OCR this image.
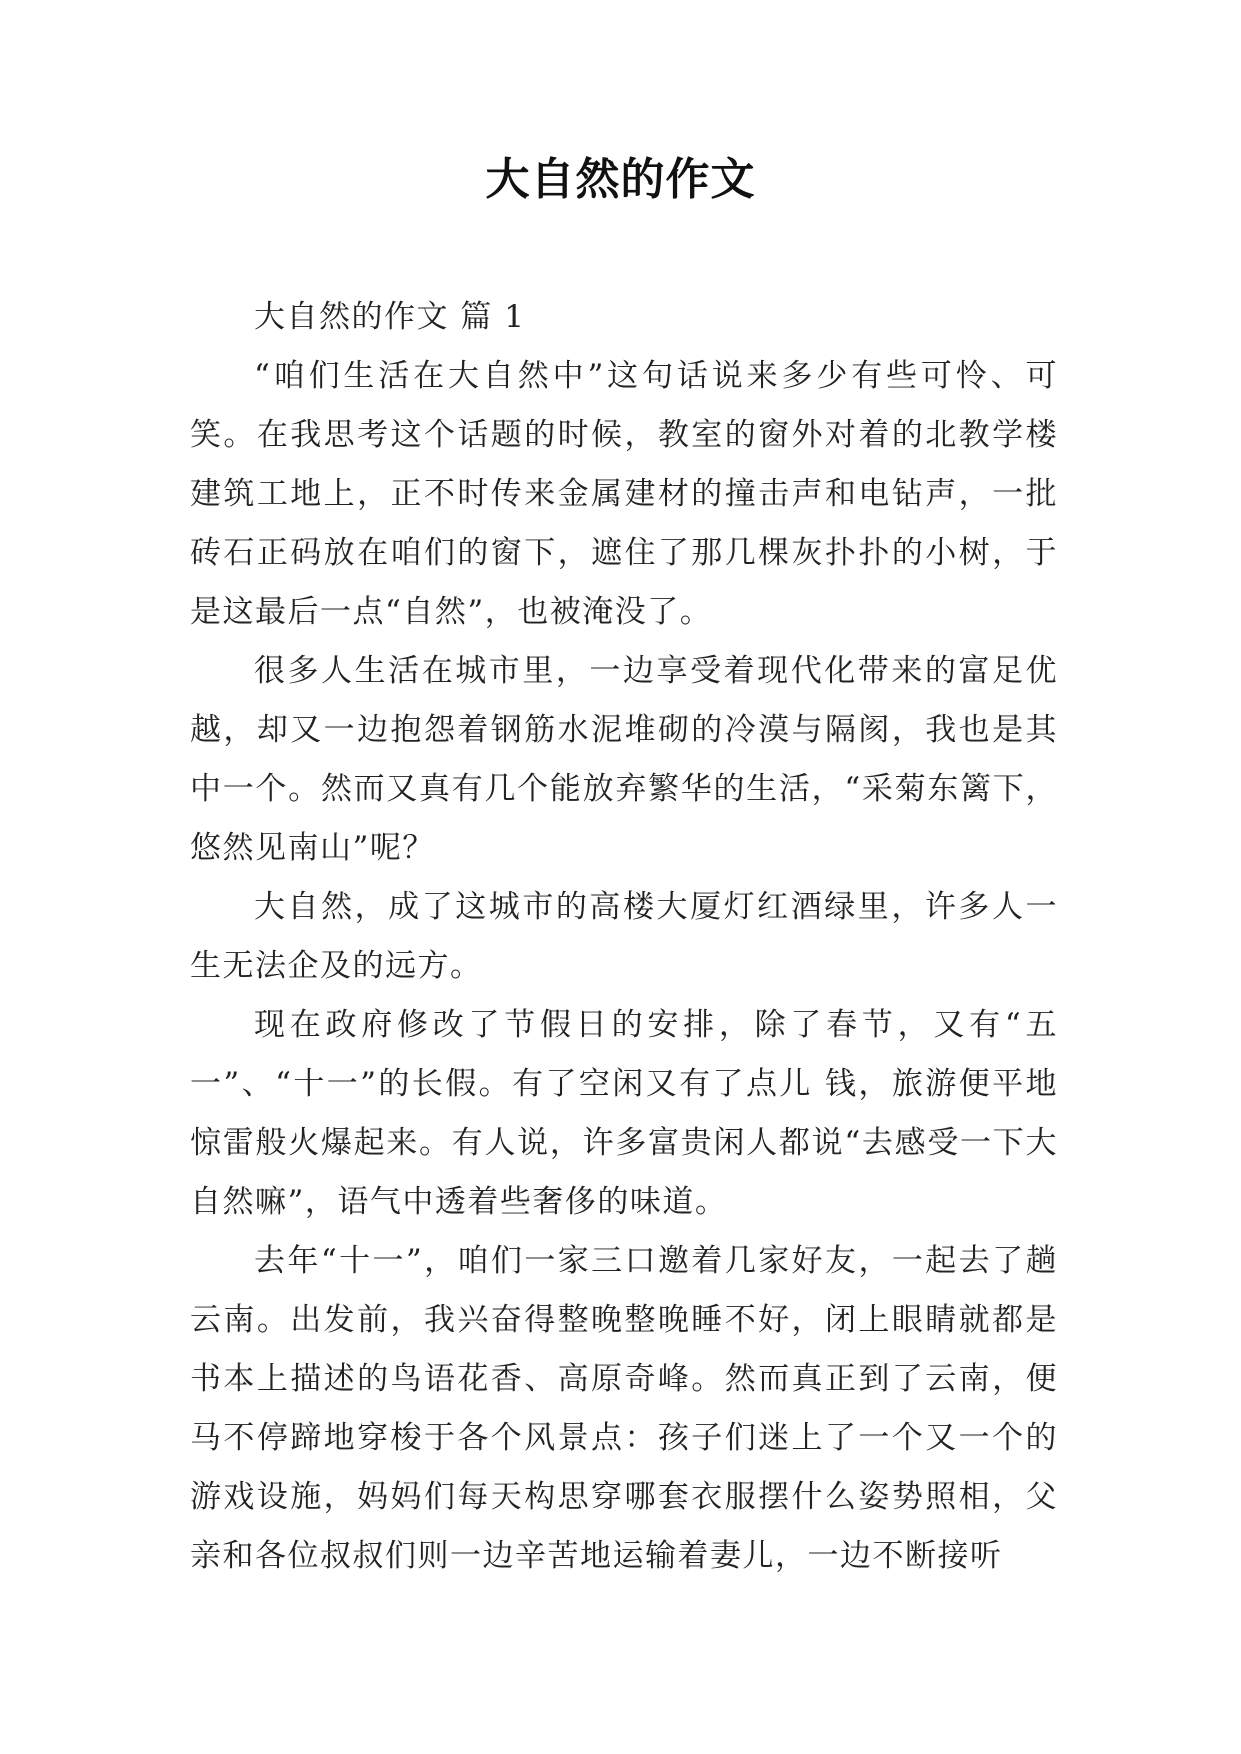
大自然的作文

大自然的作文 篇 1

“咱们生活在大自然中”这句话说来多少有些可怜、可笑。在我思考这个话题的时候，教室的窗外对着的北教学楼建筑工地上，正不时传来金属建材的撞击声和电钻声，一批砖石正码放在咱们的窗下，遮住了那几棵灰扑扑的小树，于是这最后一点“自然”，也被淹没了。

很多人生活在城市里，一边享受着现代化带来的富足优越，却又一边抱怨着钢筋水泥堆砌的冷漠与隔阂，我也是其中一个。然而又真有几个能放弃繁华的生活，“采菊东篱下，悠然见南山”呢？

大自然，成了这城市的高楼大厦灯红酒绿里，许多人一生无法企及的远方。

现在政府修改了节假日的安排，除了春节，又有“五一”、“十一”的长假。有了空闲又有了点儿 钱，旅游便平地惊雷般火爆起来。有人说，许多富贵闲人都说“去感受一下大自然嘛”，语气中透着些奢侈的味道。

去年“十一”，咱们一家三口邀着几家好友，一起去了趟云南。出发前，我兴奋得整晚整晚睡不好，闭上眼睛就都是书本上描述的鸟语花香、高原奇峰。然而真正到了云南，便马不停蹄地穿梭于各个风景点：孩子们迷上了一个又一个的游戏设施，妈妈们每天构思穿哪套衣服摆什么姿势照相，父亲和各位叔叔们则一边辛苦地运输着妻儿，一边不断接听
